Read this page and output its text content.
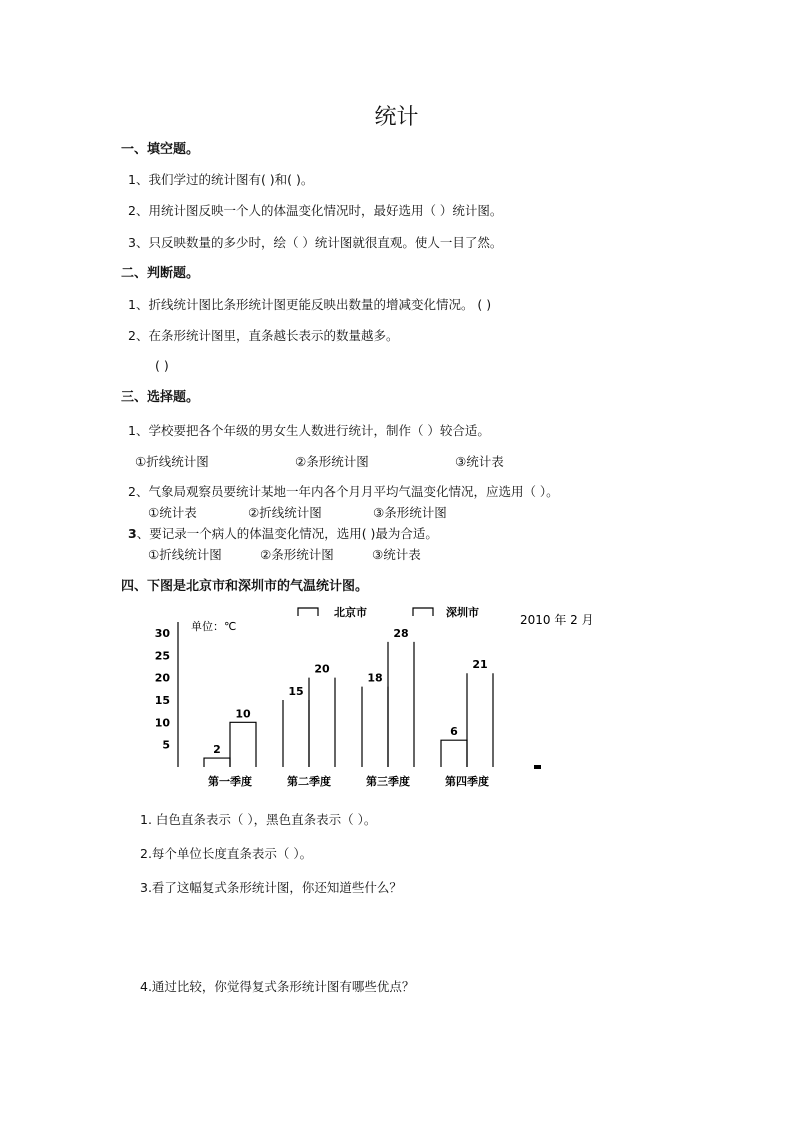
统计
一、填空题。
1、我们学过的统计图有( )和( )。
2、用统计图反映一个人的体温变化情况时，最好选用（ ）统计图。
3、只反映数量的多少时，绘（ ）统计图就很直观。使人一目了然。
二、判断题。
1、折线统计图比条形统计图更能反映出数量的增减变化情况。 ( )
2、在条形统计图里，直条越长表示的数量越多。
( )
三、选择题。
1、学校要把各个年级的男女生人数进行统计，制作（ ）较合适。
①折线统计图	②条形统计图	③统计表
2、气象局观察员要统计某地一年内各个月月平均气温变化情况，应选用（ ）。
①统计表	②折线统计图	③条形统计图
3、要记录一个病人的体温变化情况，选用( )最为合适。
①折线统计图	②条形统计图	③统计表
四、下图是北京市和深圳市的气温统计图。
北京市	深圳市
2010 年 2 月
单位：℃
5
10
15
20
25
30
2
10
15
20
18
28
6
21
第一季度	第二季度	第三季度	第四季度
1. 白色直条表示（ ），黑色直条表示（ ）。
2.每个单位长度直条表示（ ）。
3.看了这幅复式条形统计图，你还知道些什么？
4.通过比较，你觉得复式条形统计图有哪些优点？
